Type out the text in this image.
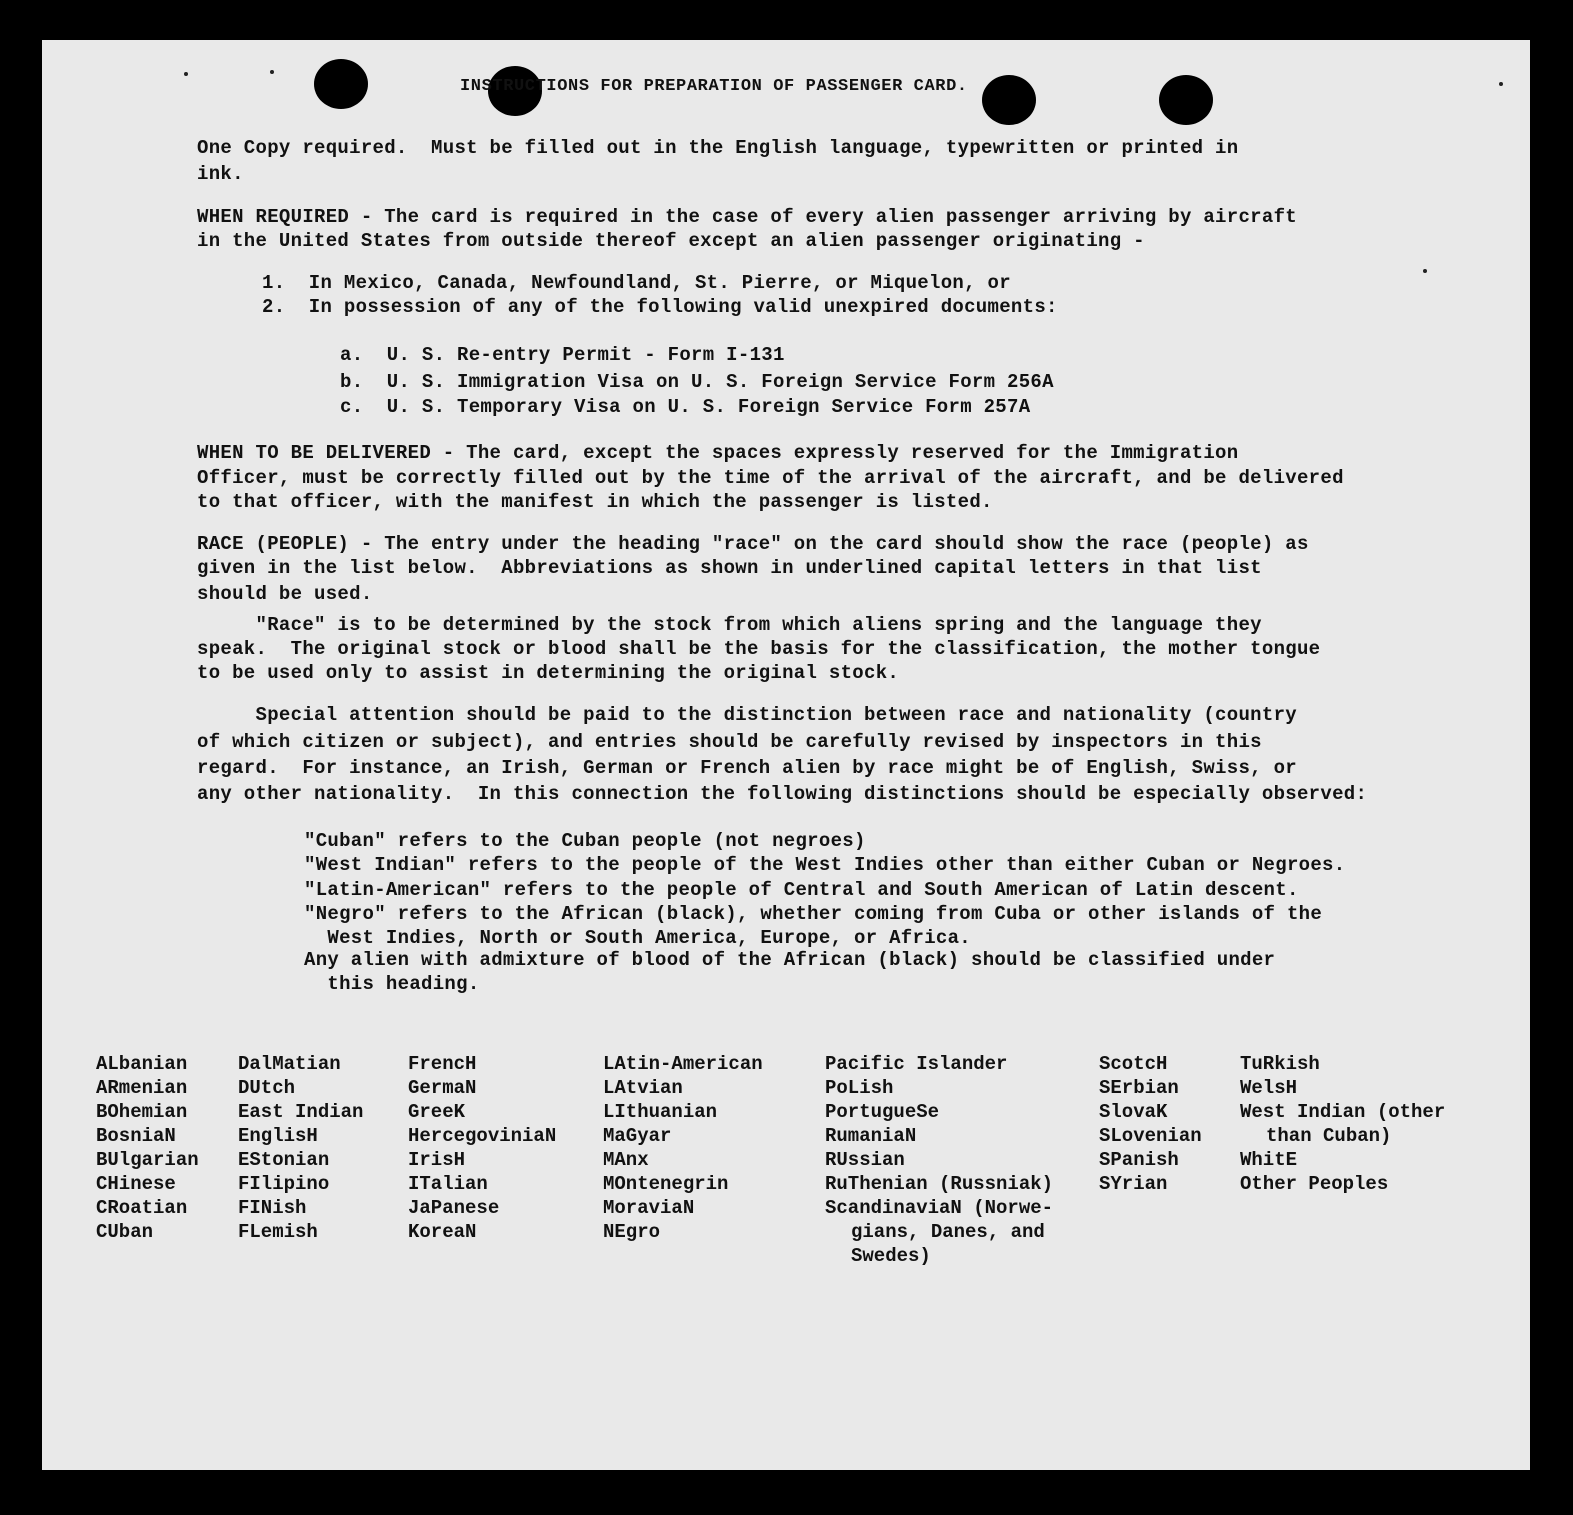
INSTRUCTIONS FOR PREPARATION OF PASSENGER CARD.
One Copy required.  Must be filled out in the English language, typewritten or printed in
ink.
WHEN REQUIRED - The card is required in the case of every alien passenger arriving by aircraft
in the United States from outside thereof except an alien passenger originating -
1.  In Mexico, Canada, Newfoundland, St. Pierre, or Miquelon, or
2.  In possession of any of the following valid unexpired documents:
a.  U. S. Re-entry Permit - Form I-131
b.  U. S. Immigration Visa on U. S. Foreign Service Form 256A
c.  U. S. Temporary Visa on U. S. Foreign Service Form 257A
WHEN TO BE DELIVERED - The card, except the spaces expressly reserved for the Immigration
Officer, must be correctly filled out by the time of the arrival of the aircraft, and be delivered
to that officer, with the manifest in which the passenger is listed.
RACE (PEOPLE) - The entry under the heading "race" on the card should show the race (people) as
given in the list below.  Abbreviations as shown in underlined capital letters in that list
should be used.
"Race" is to be determined by the stock from which aliens spring and the language they
speak.  The original stock or blood shall be the basis for the classification, the mother tongue
to be used only to assist in determining the original stock.
Special attention should be paid to the distinction between race and nationality (country
of which citizen or subject), and entries should be carefully revised by inspectors in this
regard.  For instance, an Irish, German or French alien by race might be of English, Swiss, or
any other nationality.  In this connection the following distinctions should be especially observed:
"Cuban" refers to the Cuban people (not negroes)
"West Indian" refers to the people of the West Indies other than either Cuban or Negroes.
"Latin-American" refers to the people of Central and South American of Latin descent.
"Negro" refers to the African (black), whether coming from Cuba or other islands of the
West Indies, North or South America, Europe, or Africa.
Any alien with admixture of blood of the African (black) should be classified under
this heading.
ALbanian
ARmenian
BOhemian
BosniaN
BUlgarian
CHinese
CRoatian
CUban
DalMatian
DUtch
East Indian
EnglisH
EStonian
FIlipino
FINish
FLemish
FrencH
GermaN
GreeK
HercegoviniaN
IrisH
ITalian
JaPanese
KoreaN
LAtin-American
LAtvian
LIthuanian
MaGyar
MAnx
MOntenegrin
MoraviaN
NEgro
Pacific Islander
PoLish
PortugueSe
RumaniaN
RUssian
RuThenian (Russniak)
ScandinaviaN (Norwe-
gians, Danes, and
Swedes)
ScotcH
SErbian
SlovaK
SLovenian
SPanish
SYrian
TuRkish
WelsH
West Indian (other
than Cuban)
WhitE
Other Peoples
